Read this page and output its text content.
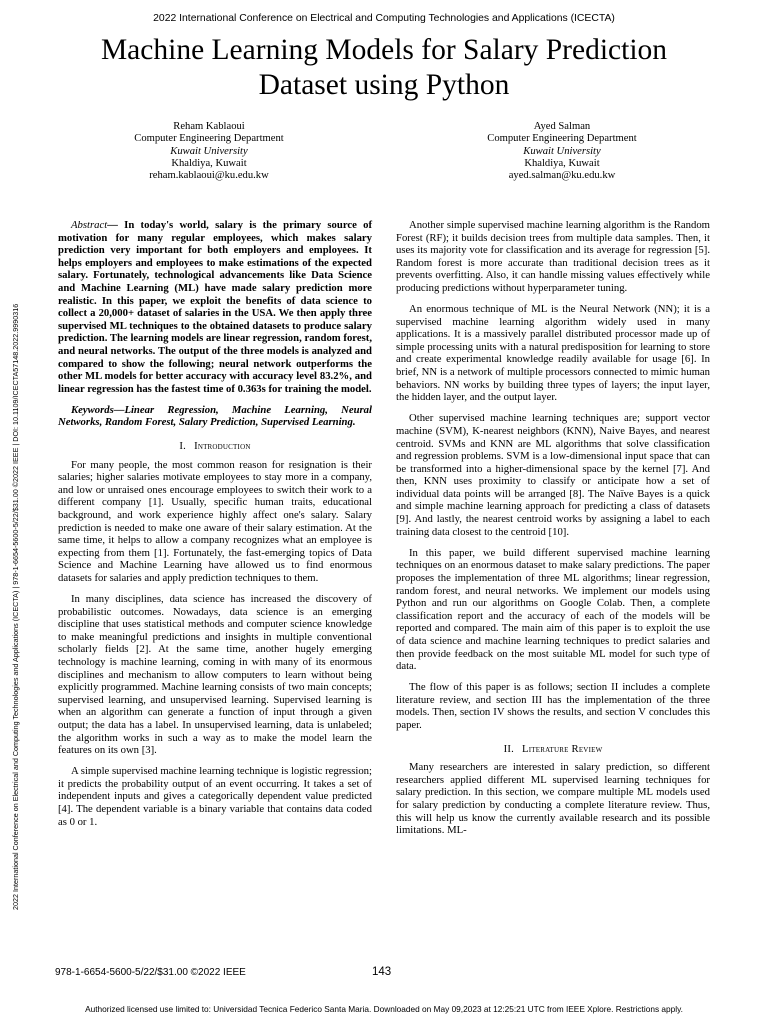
2022 International Conference on Electrical and Computing Technologies and Applications (ICECTA)
Machine Learning Models for Salary Prediction
Dataset using Python
Reham Kablaoui
Computer Engineering Department
Kuwait University
Khaldiya, Kuwait
reham.kablaoui@ku.edu.kw
Ayed Salman
Computer Engineering Department
Kuwait University
Khaldiya, Kuwait
ayed.salman@ku.edu.kw
2022 International Conference on Electrical and Computing Technologies and Applications (ICECTA) | 978-1-6654-5600-5/22/$31.00 ©2022 IEEE | DOI: 10.1109/ICECTA57148.2022.9990316

Abstract— In today's world, salary is the primary source of motivation for many regular employees, which makes salary prediction very important for both employers and employees. It helps employers and employees to make estimations of the expected salary. Fortunately, technological advancements like Data Science and Machine Learning (ML) have made salary prediction more realistic. In this paper, we exploit the benefits of data science to collect a 20,000+ dataset of salaries in the USA. We then apply three supervised ML techniques to the obtained datasets to produce salary prediction. The learning models are linear regression, random forest, and neural networks. The output of the three models is analyzed and compared to show the following; neural network outperforms the other ML models for better accuracy with accuracy level 83.2%, and linear regression has the fastest time of 0.363s for training the model.

Keywords—Linear Regression, Machine Learning, Neural Networks, Random Forest, Salary Prediction, Supervised Learning.

I. Introduction

For many people, the most common reason for resignation is their salaries; higher salaries motivate employees to stay more in a company, and low or unraised ones encourage employees to switch their work to a different company [1]. Usually, specific human traits, educational background, and work experience highly affect one's salary. Salary prediction is needed to make one aware of their salary estimation. At the same time, it helps to allow a company recognizes what an employee is expecting from them [1]. Fortunately, the fast-emerging topics of Data Science and Machine Learning have allowed us to find enormous datasets for salaries and apply prediction techniques to them.

In many disciplines, data science has increased the discovery of probabilistic outcomes. Nowadays, data science is an emerging discipline that uses statistical methods and computer science knowledge to make meaningful predictions and insights in multiple conventional scholarly fields [2]. At the same time, another hugely emerging technology is machine learning, coming in with many of its enormous disciplines and mechanism to allow computers to learn without being explicitly programmed. Machine learning consists of two main concepts; supervised learning, and unsupervised learning. Supervised learning is when an algorithm can generate a function of input through a given output; the data has a label. In unsupervised learning, data is unlabeled; the algorithm works in such a way as to make the model learn the features on its own [3].

A simple supervised machine learning technique is logistic regression; it predicts the probability output of an event occurring. It takes a set of independent inputs and gives a categorically dependent value predicted [4]. The dependent variable is a binary variable that contains data coded as 0 or 1.

Another simple supervised machine learning algorithm is the Random Forest (RF); it builds decision trees from multiple data samples. Then, it uses its majority vote for classification and its average for regression [5]. Random forest is more accurate than traditional decision trees as it prevents overfitting. Also, it can handle missing values effectively while producing predictions without hyperparameter tuning.

An enormous technique of ML is the Neural Network (NN); it is a supervised machine learning algorithm widely used in many applications. It is a massively parallel distributed processor made up of simple processing units with a natural predisposition for learning to store and create experimental knowledge readily available for usage [6]. In brief, NN is a network of multiple processors connected to mimic human behaviors. NN works by building three types of layers; the input layer, the hidden layer, and the output layer.

Other supervised machine learning techniques are; support vector machine (SVM), K-nearest neighbors (KNN), Naive Bayes, and nearest centroid. SVMs and KNN are ML algorithms that solve classification and regression problems. SVM is a low-dimensional input space that can be transformed into a higher-dimensional space by the kernel [7]. And then, KNN uses proximity to classify or anticipate how a set of individual data points will be arranged [8]. The Naïve Bayes is a quick and simple machine learning approach for predicting a class of datasets [9]. And lastly, the nearest centroid works by assigning a label to each training data closest to the centroid [10].

In this paper, we build different supervised machine learning techniques on an enormous dataset to make salary predictions. The paper proposes the implementation of three ML algorithms; linear regression, random forest, and neural networks. We implement our models using Python and run our algorithms on Google Colab. Then, a complete classification report and the accuracy of each of the models will be reported and compared. The main aim of this paper is to exploit the use of data science and machine learning techniques to predict salaries and then provide feedback on the most suitable ML model for such type of data.

The flow of this paper is as follows; section II includes a complete literature review, and section III has the implementation of the three models. Then, section IV shows the results, and section V concludes this paper.

II. Literature Review

Many researchers are interested in salary prediction, so different researchers applied different ML supervised learning techniques for salary prediction. In this section, we compare multiple ML models used for salary prediction by conducting a complete literature review. Thus, this will help us know the currently available research and its possible limitations. ML-

978-1-6654-5600-5/22/$31.00 ©2022 IEEE	143
Authorized licensed use limited to: Universidad Tecnica Federico Santa Maria. Downloaded on May 09,2023 at 12:25:21 UTC from IEEE Xplore. Restrictions apply.
